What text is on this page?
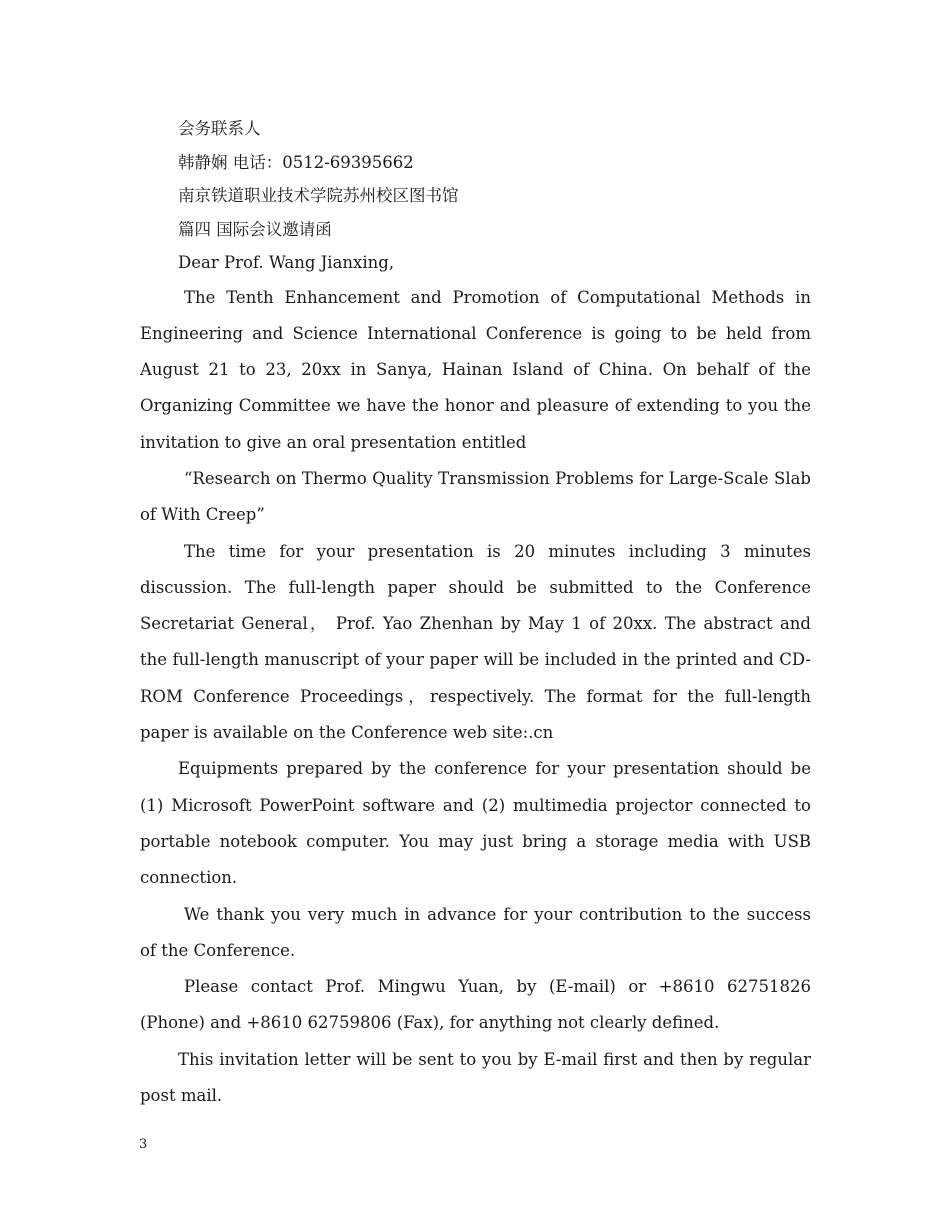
会务联系人

韩静娴 电话：0512-69395662

南京铁道职业技术学院苏州校区图书馆

篇四 国际会议邀请函

Dear Prof. Wang Jianxing,

The Tenth Enhancement and Promotion of Computational Methods in Engineering and Science International Conference is going to be held from August 21 to 23, 20xx in Sanya, Hainan Island of China. On behalf of the Organizing Committee we have the honor and pleasure of extending to you the invitation to give an oral presentation entitled

“Research on Thermo Quality Transmission Problems for Large-Scale Slab of With Creep”

The time for your presentation is 20 minutes including 3 minutes discussion. The full-length paper should be submitted to the Conference Secretariat General， Prof. Yao Zhenhan by May 1 of 20xx. The abstract and the full-length manuscript of your paper will be included in the printed and CD-ROM Conference Proceedings，respectively. The format for the full-length paper is available on the Conference web site:.cn

Equipments prepared by the conference for your presentation should be (1) Microsoft PowerPoint software and (2) multimedia projector connected to portable notebook computer. You may just bring a storage media with USB connection.

We thank you very much in advance for your contribution to the success of the Conference.

Please contact Prof. Mingwu Yuan, by (E-mail) or +8610 62751826 (Phone) and +8610 62759806 (Fax), for anything not clearly defined.

This invitation letter will be sent to you by E-mail first and then by regular post mail.

3
